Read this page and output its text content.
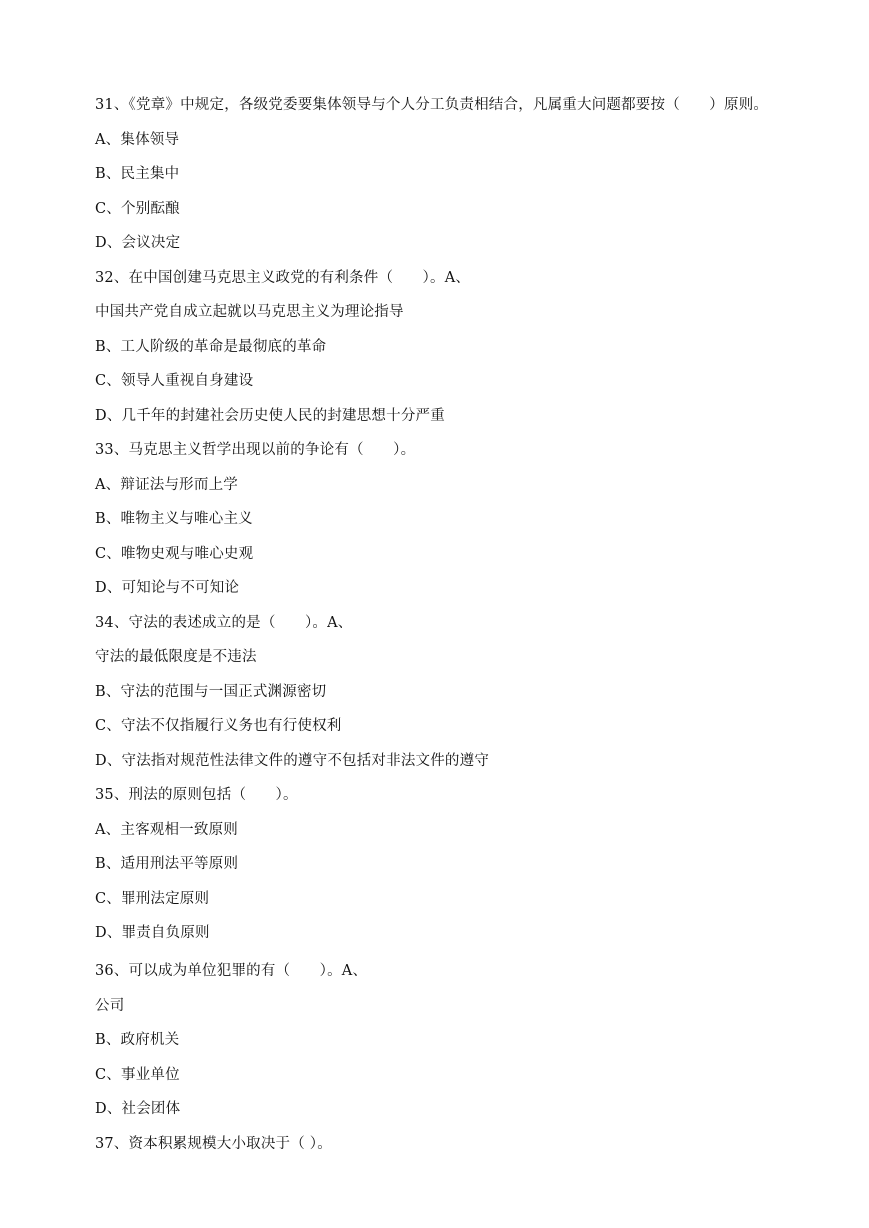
31、《党章》中规定，各级党委要集体领导与个人分工负责相结合，凡属重大问题都要按（　　）原则。
A、集体领导
B、民主集中
C、个别酝酿
D、会议决定
32、在中国创建马克思主义政党的有利条件（　　）。A、
中国共产党自成立起就以马克思主义为理论指导
B、工人阶级的革命是最彻底的革命
C、领导人重视自身建设
D、几千年的封建社会历史使人民的封建思想十分严重
33、马克思主义哲学出现以前的争论有（　　）。
A、辩证法与形而上学
B、唯物主义与唯心主义
C、唯物史观与唯心史观
D、可知论与不可知论
34、守法的表述成立的是（　　）。A、
守法的最低限度是不违法
B、守法的范围与一国正式渊源密切
C、守法不仅指履行义务也有行使权利
D、守法指对规范性法律文件的遵守不包括对非法文件的遵守
35、刑法的原则包括（　　）。
A、主客观相一致原则
B、适用刑法平等原则
C、罪刑法定原则
D、罪责自负原则
36、可以成为单位犯罪的有（　　）。A、
公司
B、政府机关
C、事业单位
D、社会团体
37、资本积累规模大小取决于（ ）。
